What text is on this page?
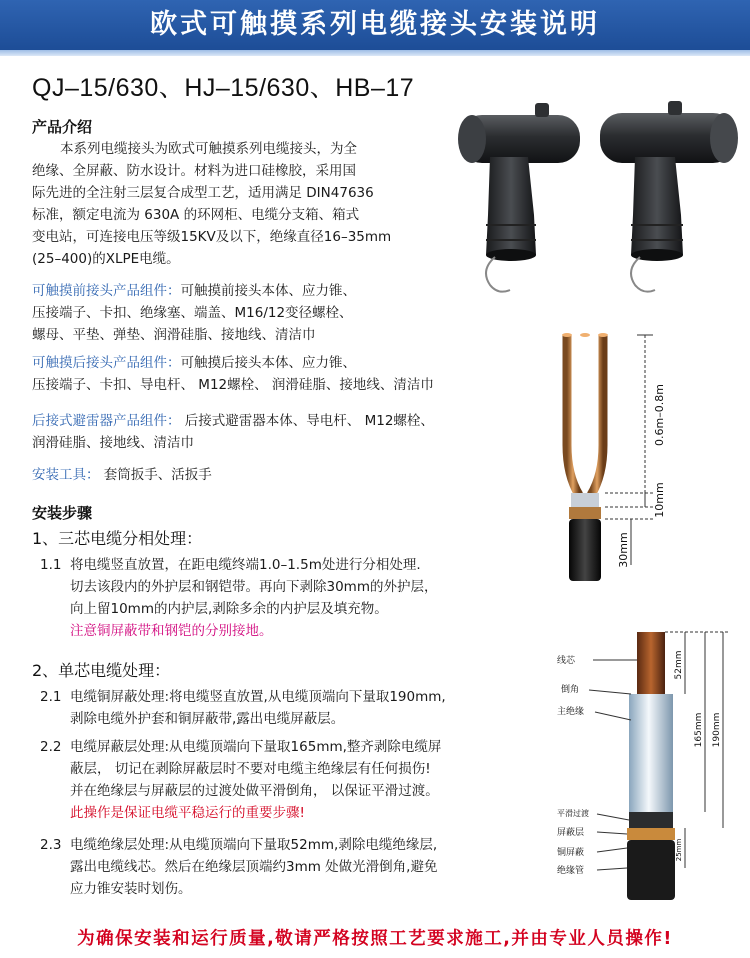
欧式可触摸系列电缆接头安装说明
QJ–15/630、HJ–15/630、HB–17
产品介绍
本系列电缆接头为欧式可触摸系列电缆接头，为全
绝缘、全屏蔽、防水设计。材料为进口硅橡胶，采用国
际先进的全注射三层复合成型工艺，适用满足 DIN47636
标准，额定电流为 630A 的环网柜、电缆分支箱、箱式
变电站，可连接电压等级15KV及以下，绝缘直径16–35mm
(25–400)的XLPE电缆。
可触摸前接头产品组件：可触摸前接头本体、应力锥、
压接端子、卡扣、绝缘塞、端盖、M16/12变径螺栓、
螺母、平垫、弹垫、润滑硅脂、接地线、清洁巾
可触摸后接头产品组件：可触摸后接头本体、应力锥、
压接端子、卡扣、导电杆、 M12螺栓、 润滑硅脂、接地线、清洁巾
后接式避雷器产品组件： 后接式避雷器本体、导电杆、 M12螺栓、
润滑硅脂、接地线、清洁巾
安装工具： 套筒扳手、活扳手
安装步骤
1、三芯电缆分相处理：
1.1 将电缆竖直放置，在距电缆终端1.0–1.5m处进行分相处理.
切去该段内的外护层和钢铠带。再向下剥除30mm的外护层，
向上留10mm的内护层,剥除多余的内护层及填充物。
注意铜屏蔽带和钢铠的分别接地。
2、单芯电缆处理：
2.1 电缆铜屏蔽处理:将电缆竖直放置,从电缆顶端向下量取190mm,
剥除电缆外护套和铜屏蔽带,露出电缆屏蔽层。
2.2 电缆屏蔽层处理:从电缆顶端向下量取165mm,整齐剥除电缆屏
蔽层， 切记在剥除屏蔽层时不要对电缆主绝缘层有任何损伤!
并在绝缘层与屏蔽层的过渡处做平滑倒角， 以保证平滑过渡。
此操作是保证电缆平稳运行的重要步骤!
2.3 电缆绝缘层处理:从电缆顶端向下量取52mm,剥除电缆绝缘层,
露出电缆线芯。然后在绝缘层顶端约3mm 处做光滑倒角,避免
应力锥安装时划伤。
0.6m–0.8m
10mm
30mm
线芯
倒角
主绝缘
平滑过渡
屏蔽层
铜屏蔽
绝缘管
52mm
165mm 190mm
25mm
为确保安装和运行质量,敬请严格按照工艺要求施工,并由专业人员操作!
